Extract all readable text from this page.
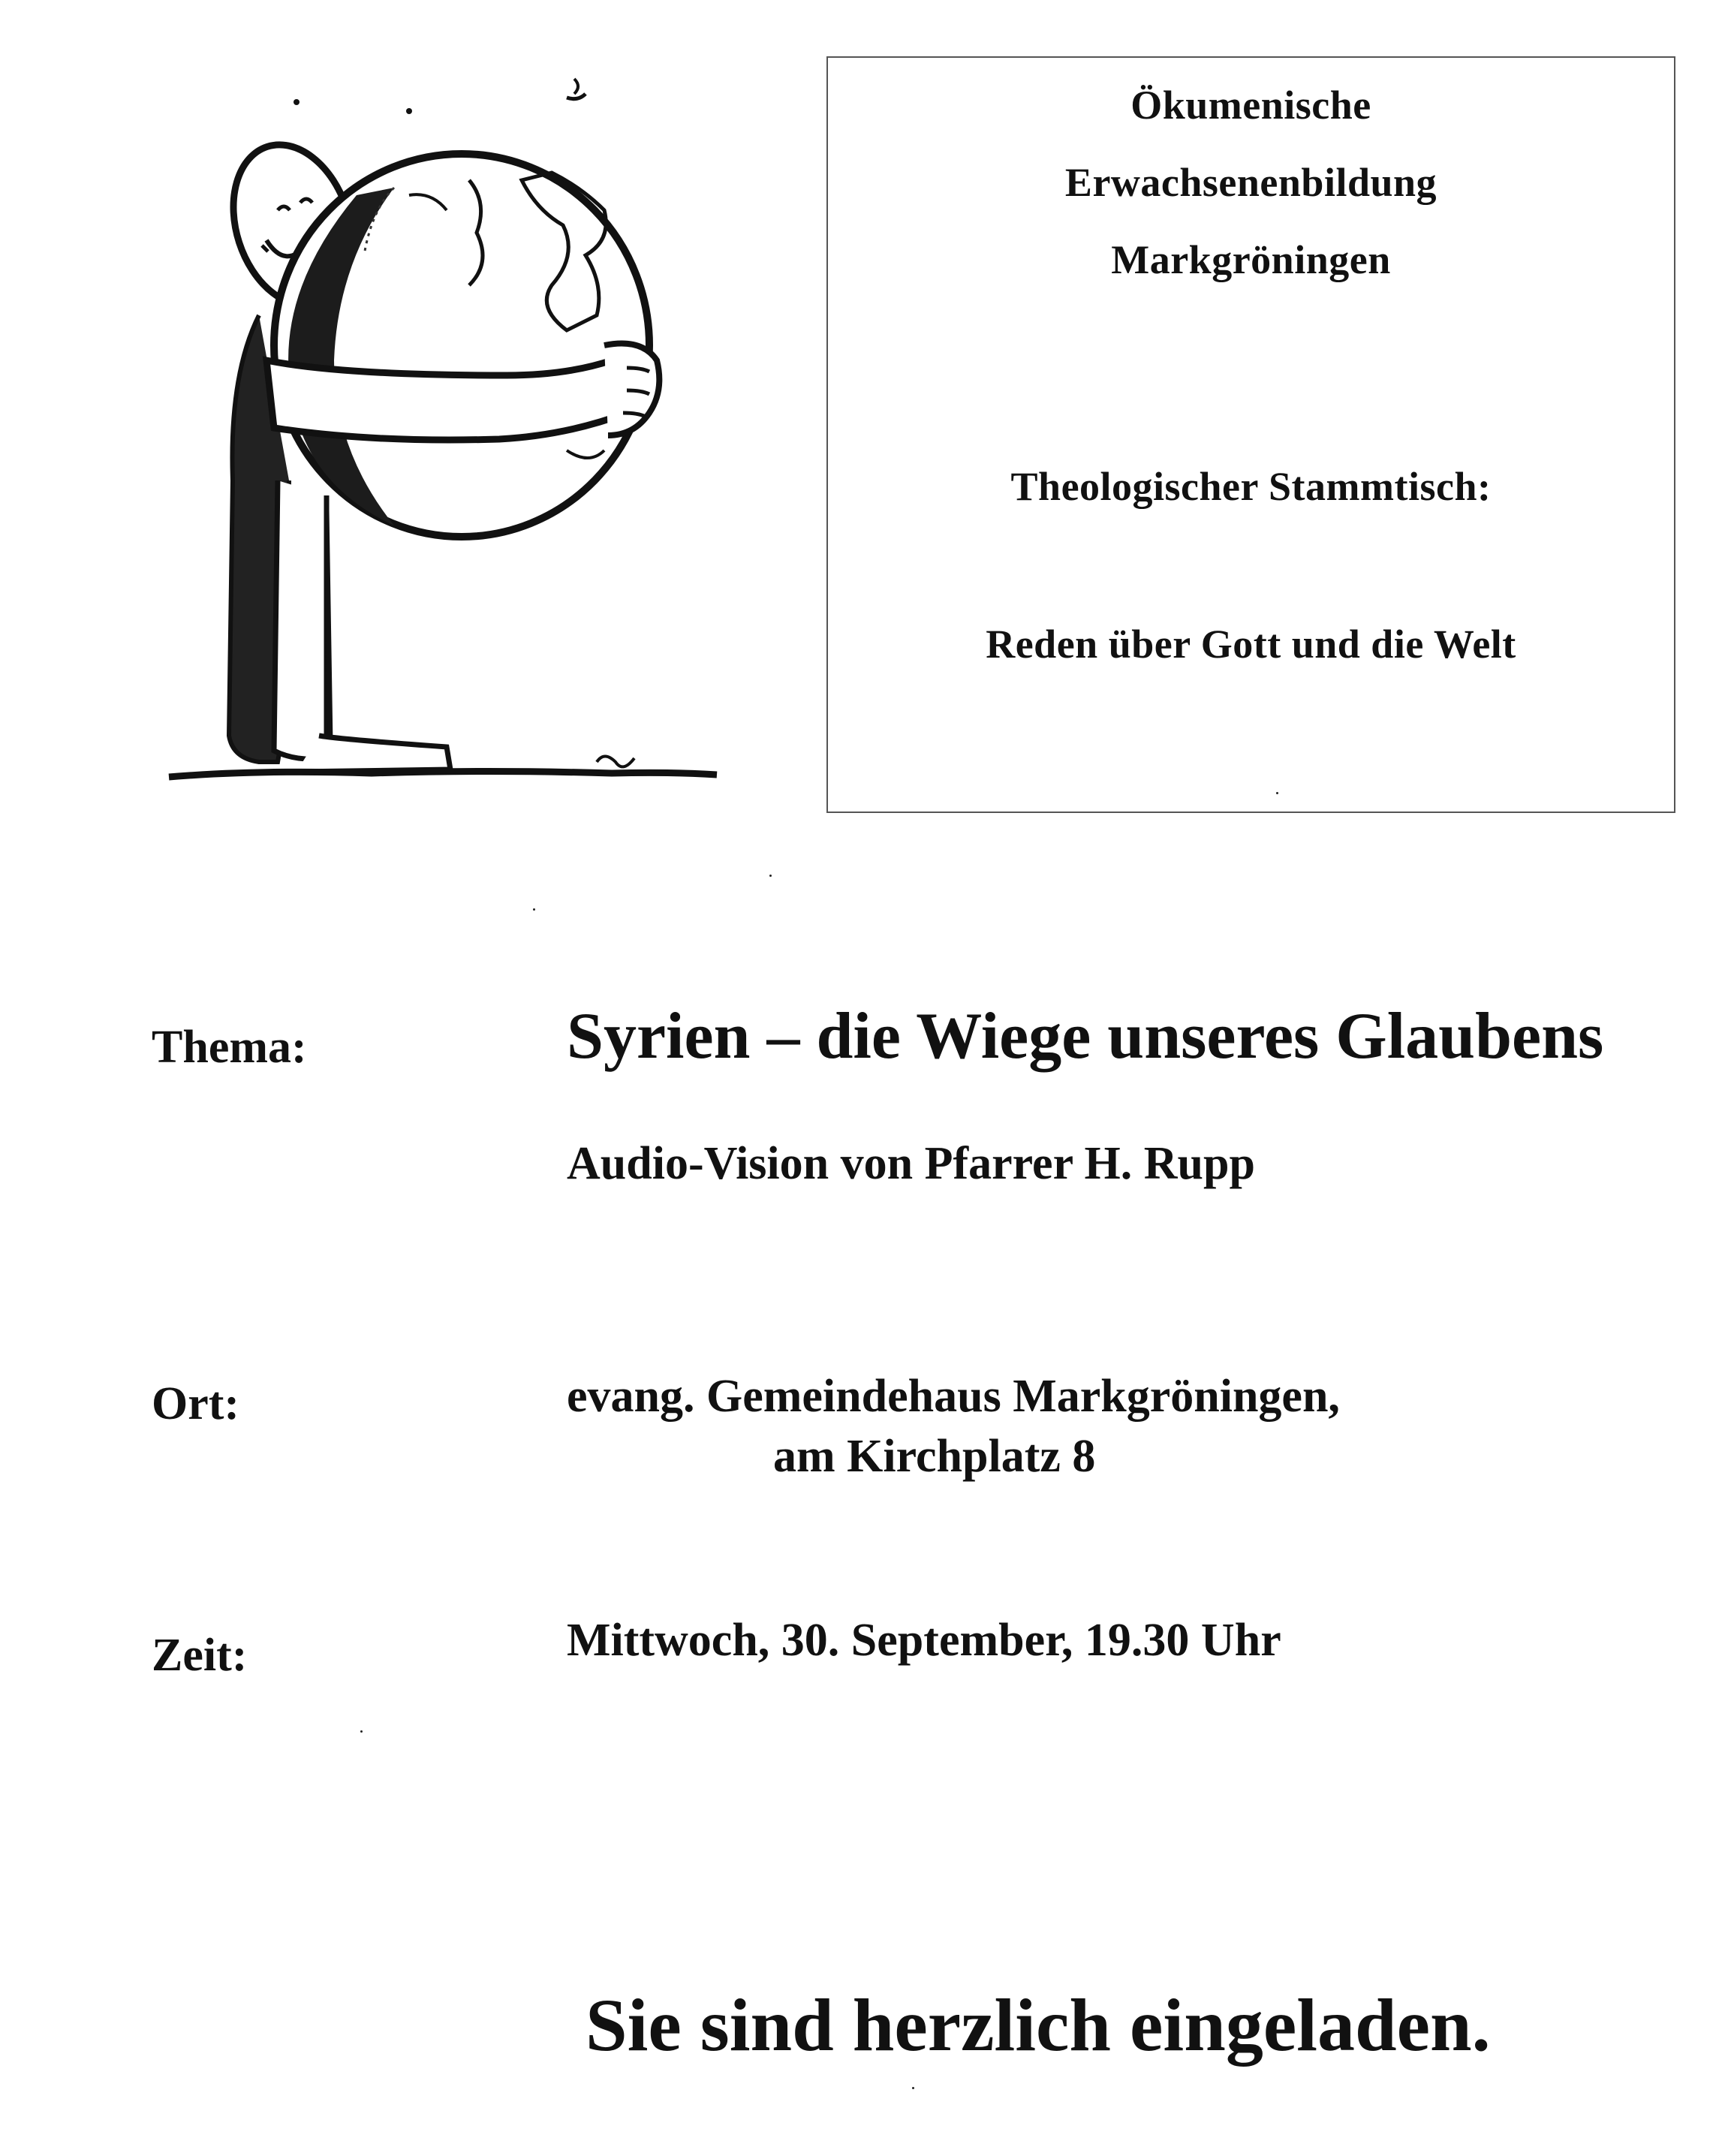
Ökumenische
Erwachsenenbildung
Markgröningen
Theologischer Stammtisch:
Reden über Gott und die Welt
Thema:	Syrien – die Wiege unseres Glaubens
Audio-Vision von Pfarrer H. Rupp
Ort:	evang. Gemeindehaus Markgröningen,
am Kirchplatz 8
Zeit:	Mittwoch, 30. September, 19.30 Uhr
Sie sind herzlich eingeladen.
